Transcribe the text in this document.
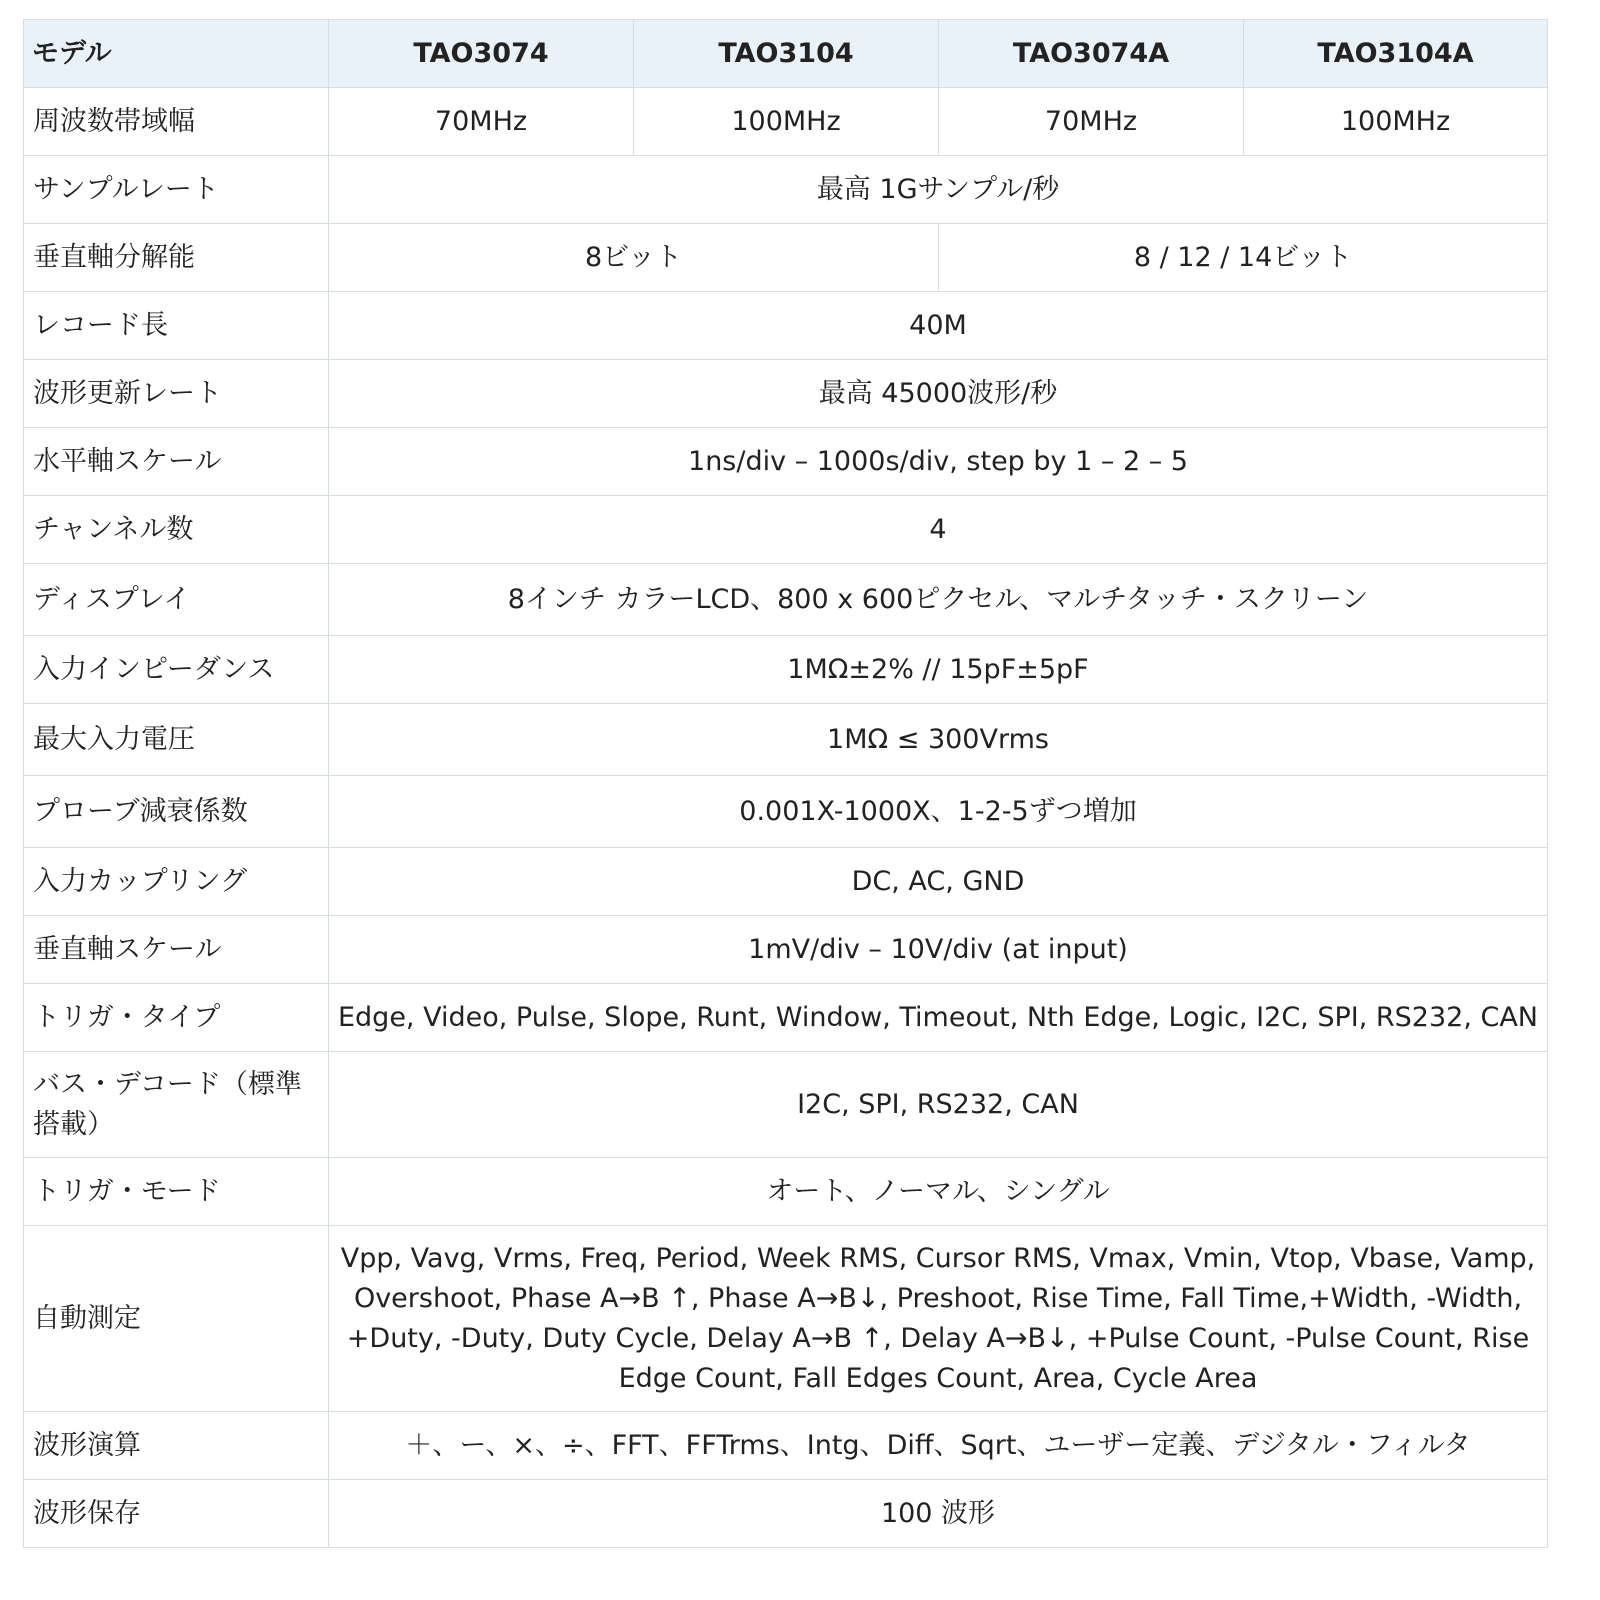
モデル	TAO3074	TAO3104	TAO3074A	TAO3104A
周波数帯域幅	70MHz	100MHz	70MHz	100MHz
サンプルレート	最高 1Gサンプル/秒			
垂直軸分解能	8ビット		8 / 12 / 14ビット	
レコード長	40M			
波形更新レート	最高 45000波形/秒			
水平軸スケール	1ns/div – 1000s/div, step by 1 – 2 – 5			
チャンネル数	4			
ディスプレイ	8インチ カラーLCD、800 x 600ピクセル、マルチタッチ・スクリーン			
入力インピーダンス	1MΩ±2% // 15pF±5pF			
最大入力電圧	1MΩ ≤ 300Vrms			
プローブ減衰係数	0.001X-1000X、1-2-5ずつ増加			
入力カップリング	DC, AC, GND			
垂直軸スケール	1mV/div – 10V/div (at input)			
トリガ・タイプ	Edge, Video, Pulse, Slope, Runt, Window, Timeout, Nth Edge, Logic, I2C, SPI, RS232, CAN			
バス・デコード（標準搭載）	I2C, SPI, RS232, CAN			
トリガ・モード	オート、ノーマル、シングル			
自動測定	Vpp, Vavg, Vrms, Freq, Period, Week RMS, Cursor RMS, Vmax, Vmin, Vtop, Vbase, Vamp, Overshoot, Phase A→B ↑, Phase A→B↓, Preshoot, Rise Time, Fall Time,+Width, -Width, +Duty, -Duty, Duty Cycle, Delay A→B ↑, Delay A→B↓, +Pulse Count, -Pulse Count, Rise Edge Count, Fall Edges Count, Area, Cycle Area			
波形演算	＋、ー、×、÷、FFT、FFTrms、Intg、Diff、Sqrt、ユーザー定義、デジタル・フィルタ			
波形保存	100 波形			
